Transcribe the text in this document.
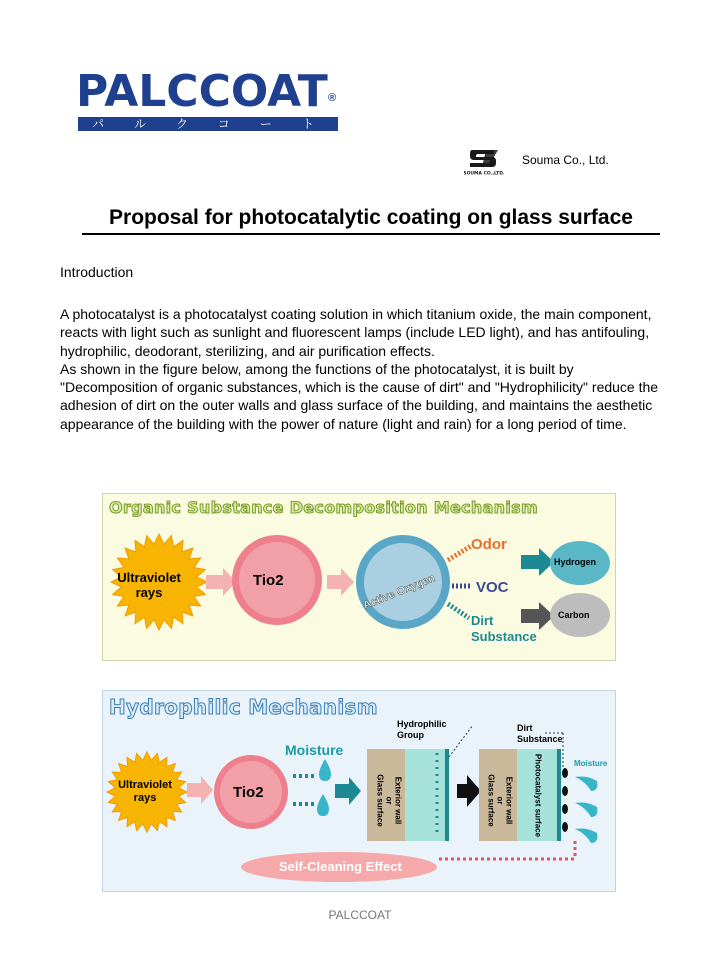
PALCCOAT ®
パルクコート
SOUMA CO.,LTD.
Souma Co., Ltd.
Proposal for photocatalytic coating on glass surface
Introduction

A photocatalyst is a photocatalyst coating solution in which titanium oxide, the main component, reacts with light such as sunlight and fluorescent lamps (include LED light), and has antifouling, hydrophilic, deodorant, sterilizing, and air purification effects.

As shown in the figure below, among the functions of the photocatalyst, it is built by "Decomposition of organic substances, which is the cause of dirt" and "Hydrophilicity" reduce the adhesion of dirt on the outer walls and glass surface of the building, and maintains the aesthetic appearance of the building with the power of nature (light and rain) for a long period of time.

Organic Substance Decomposition Mechanism
Ultraviolet
rays
Tio2	Active Oxygen
Odor
VOC
Dirt
Substance
Hydrogen
Carbon
Hydrophilic Mechanism
Ultraviolet
rays	Tio2
Moisture
Hydrophilic
Group
Exterior wall
or
Glass surface	Exterior wall
or
Glass surface	Photocatalyst surface
Dirt
Substance
Moisture
Self-Cleaning Effect
PALCCOAT
